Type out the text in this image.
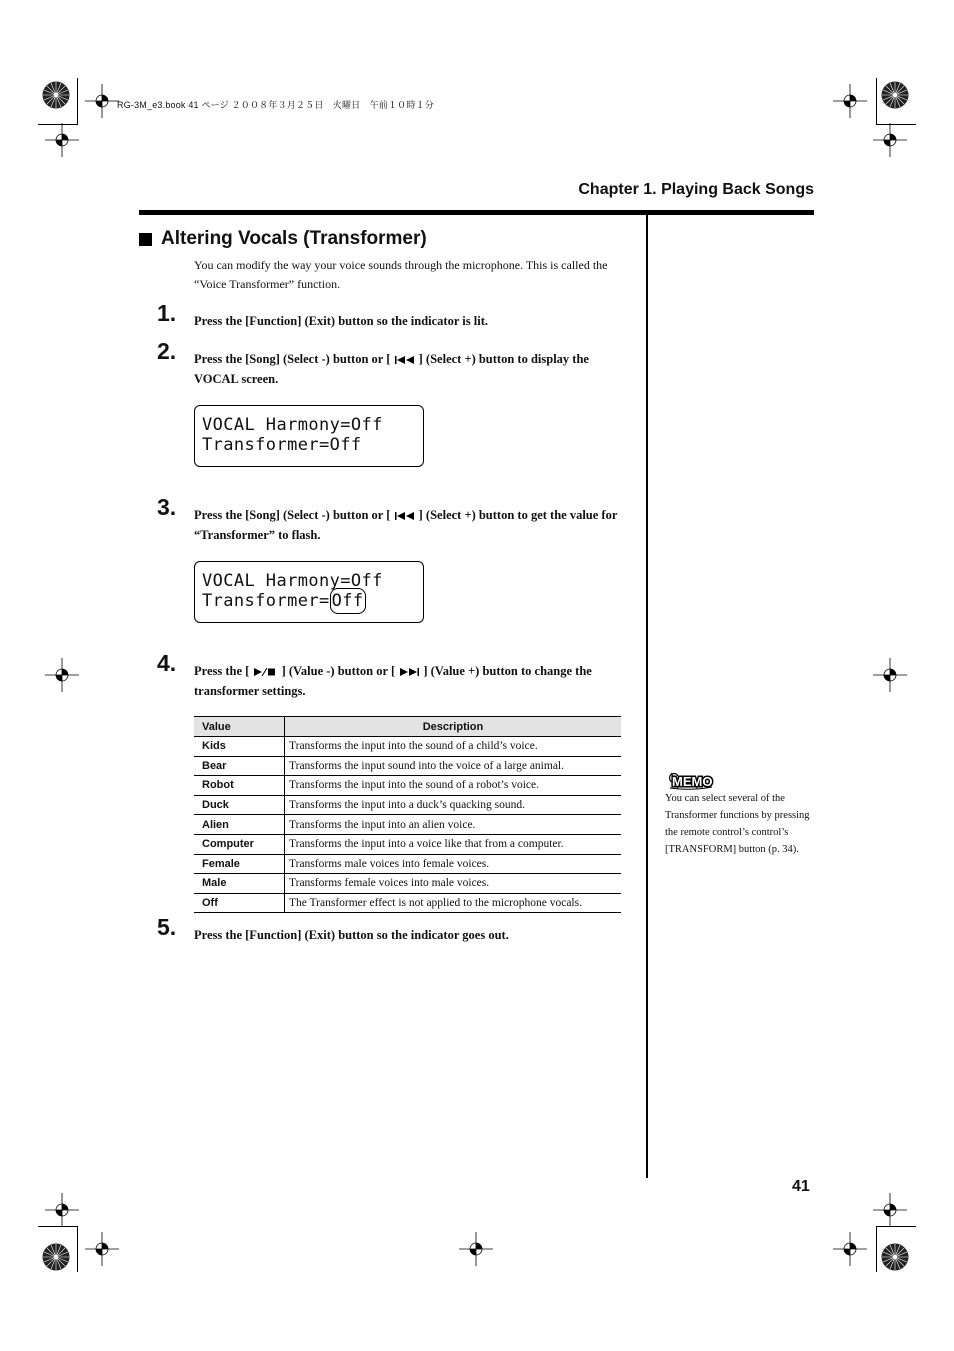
RG-3M_e3.book 41 ページ ２００８年３月２５日　火曜日　午前１０時１分
Chapter 1. Playing Back Songs
Altering Vocals (Transformer)
You can modify the way your voice sounds through the microphone. This is called the “Voice Transformer” function.
1. Press the [Function] (Exit) button so the indicator is lit.
2. Press the [Song] (Select -) button or [ ] (Select +) button to display the VOCAL screen.
VOCAL Harmony=Off
Transformer=Off
3. Press the [Song] (Select -) button or [ ] (Select +) button to get the value for “Transformer” to flash.
VOCAL Harmony=Off
Transformer= Off
4. Press the [	] (Value -) button or [ ] (Value +) button to change the transformer settings.
Value	Description
Kids	Transforms the input into the sound of a child’s voice.
Bear	Transforms the input sound into the voice of a large animal.
Robot	Transforms the input into the sound of a robot’s voice.
Duck	Transforms the input into a duck’s quacking sound.
Alien	Transforms the input into an alien voice.
Computer	Transforms the input into a voice like that from a computer.
Female	Transforms male voices into female voices.
Male	Transforms female voices into male voices.
Off	The Transformer effect is not applied to the microphone vocals.
5. Press the [Function] (Exit) button so the indicator goes out.
MEMO
You can select several of the Transformer functions by pressing the remote control’s control’s [TRANSFORM] button (p. 34).
41
